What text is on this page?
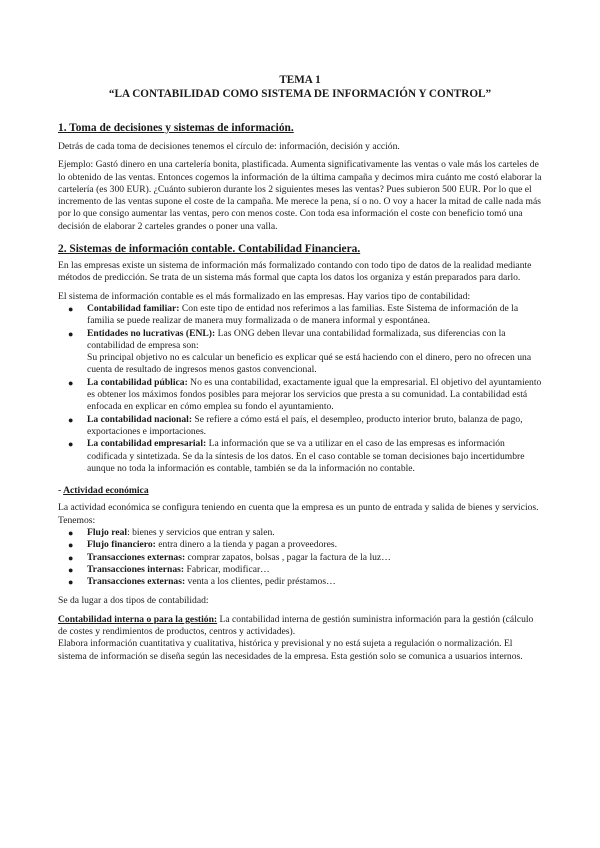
TEMA 1
“LA CONTABILIDAD COMO SISTEMA DE INFORMACIÓN Y CONTROL”
1. Toma de decisiones y sistemas de información.

Detrás de cada toma de decisiones tenemos el círculo de: información, decisión y acción.

Ejemplo: Gastó dinero en una cartelería bonita, plastificada. Aumenta significativamente las ventas o vale más los carteles de lo obtenido de las ventas. Entonces cogemos la información de la última campaña y decimos mira cuánto me costó elaborar la cartelería (es 300 EUR). ¿Cuánto subieron durante los 2 siguientes meses las ventas? Pues subieron 500 EUR. Por lo que el incremento de las ventas supone el coste de la campaña. Me merece la pena, sí o no. O voy a hacer la mitad de calle nada más por lo que consigo aumentar las ventas, pero con menos coste. Con toda esa información el coste con beneficio tomó una decisión de elaborar 2 carteles grandes o poner una valla.

2. Sistemas de información contable. Contabilidad Financiera.

En las empresas existe un sistema de información más formalizado contando con todo tipo de datos de la realidad mediante métodos de predicción. Se trata de un sistema más formal que capta los datos los organiza y están preparados para darlo.

El sistema de información contable es el más formalizado en las empresas. Hay varios tipo de contabilidad:

● Contabilidad familiar: Con este tipo de entidad nos referimos a las familias. Este Sistema de información de la familia se puede realizar de manera muy formalizada o de manera informal y espontánea.
● Entidades no lucrativas (ENL): Las ONG deben llevar una contabilidad formalizada, sus diferencias con la contabilidad de empresa son:
Su principal objetivo no es calcular un beneficio es explicar qué se está haciendo con el dinero, pero no ofrecen una cuenta de resultado de ingresos menos gastos convencional.
● La contabilidad pública: No es una contabilidad, exactamente igual que la empresarial. El objetivo del ayuntamiento es obtener los máximos fondos posibles para mejorar los servicios que presta a su comunidad. La contabilidad está enfocada en explicar en cómo emplea su fondo el ayuntamiento.
● La contabilidad nacional: Se refiere a cómo está el país, el desempleo, producto interior bruto, balanza de pago, exportaciones e importaciones.
● La contabilidad empresarial: La información que se va a utilizar en el caso de las empresas es información codificada y sintetizada. Se da la síntesis de los datos. En el caso contable se toman decisiones bajo incertidumbre aunque no toda la información es contable, también se da la información no contable.

- Actividad económica

La actividad económica se configura teniendo en cuenta que la empresa es un punto de entrada y salida de bienes y servicios. Tenemos:

● Flujo real: bienes y servicios que entran y salen.
● Flujo financiero: entra dinero a la tienda y pagan a proveedores.
● Transacciones externas: comprar zapatos, bolsas , pagar la factura de la luz…
● Transacciones internas: Fabricar, modificar…
● Transacciones externas: venta a los clientes, pedir préstamos…

Se da lugar a dos tipos de contabilidad:

Contabilidad interna o para la gestión: La contabilidad interna de gestión suministra información para la gestión (cálculo de costes y rendimientos de productos, centros y actividades).

Elabora información cuantitativa y cualitativa, histórica y previsional y no está sujeta a regulación o normalización. El sistema de información se diseña según las necesidades de la empresa. Esta gestión solo se comunica a usuarios internos.
